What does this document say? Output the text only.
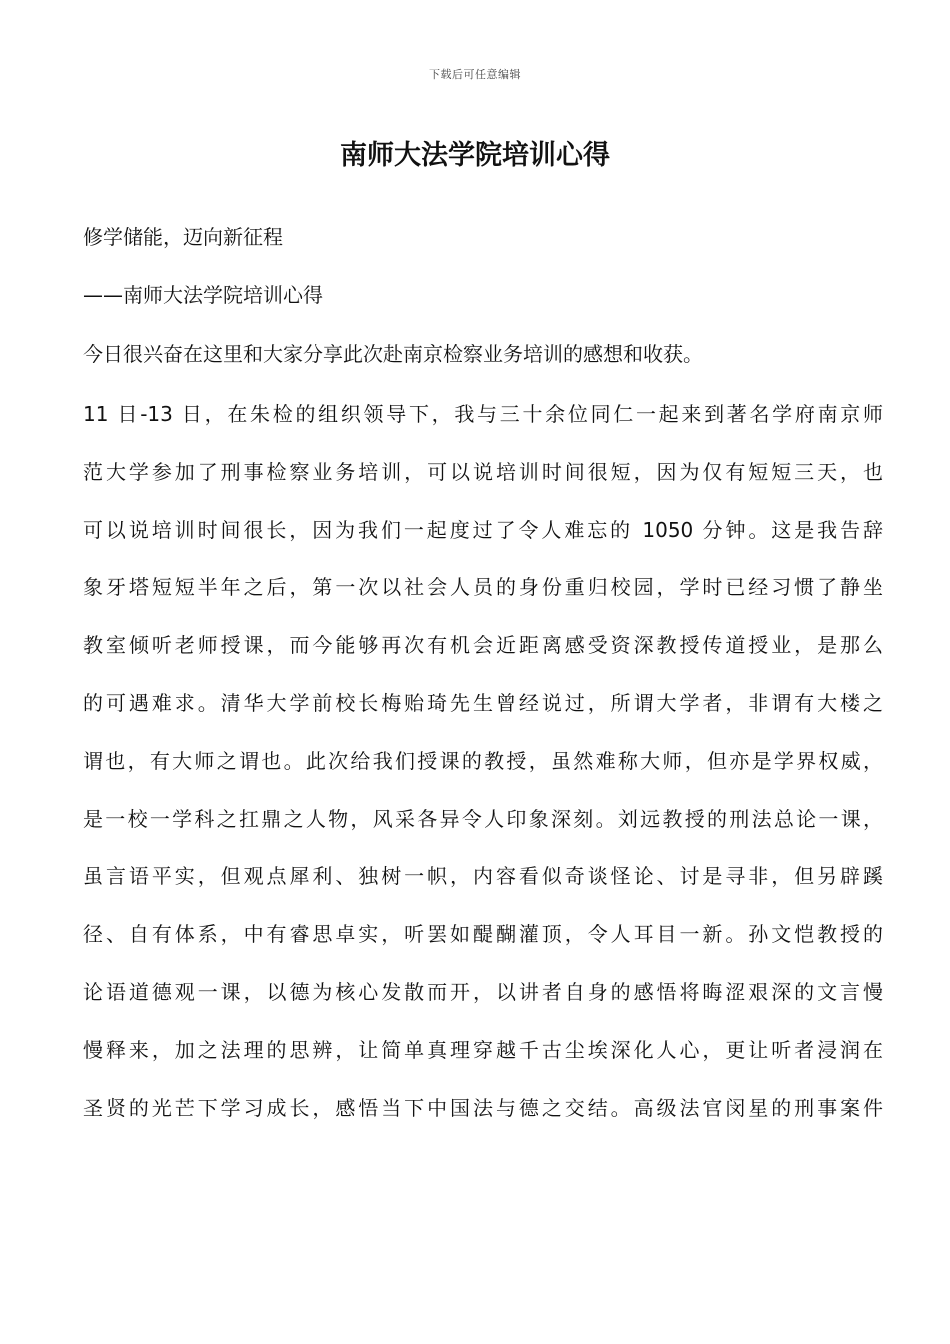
下载后可任意编辑
南师大法学院培训心得

修学储能，迈向新征程

——南师大法学院培训心得

今日很兴奋在这里和大家分享此次赴南京检察业务培训的感想和收获。

11 日-13 日，在朱检的组织领导下，我与三十余位同仁一起来到著名学府南京师
范大学参加了刑事检察业务培训，可以说培训时间很短，因为仅有短短三天，也
可以说培训时间很长，因为我们一起度过了令人难忘的 1050 分钟。这是我告辞
象牙塔短短半年之后，第一次以社会人员的身份重归校园，学时已经习惯了静坐
教室倾听老师授课，而今能够再次有机会近距离感受资深教授传道授业，是那么
的可遇难求。清华大学前校长梅贻琦先生曾经说过，所谓大学者，非谓有大楼之
谓也，有大师之谓也。此次给我们授课的教授，虽然难称大师，但亦是学界权威，
是一校一学科之扛鼎之人物，风采各异令人印象深刻。刘远教授的刑法总论一课，
虽言语平实，但观点犀利、独树一帜，内容看似奇谈怪论、讨是寻非，但另辟蹊
径、自有体系，中有睿思卓实，听罢如醍醐灌顶，令人耳目一新。孙文恺教授的
论语道德观一课，以德为核心发散而开，以讲者自身的感悟将晦涩艰深的文言慢
慢释来，加之法理的思辨，让简单真理穿越千古尘埃深化人心，更让听者浸润在
圣贤的光芒下学习成长，感悟当下中国法与德之交结。高级法官闵星的刑事案件
